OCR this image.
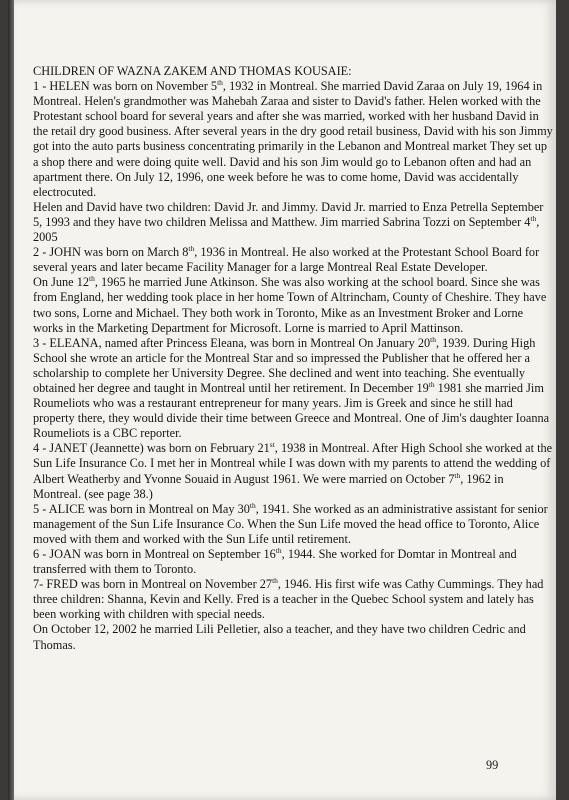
CHILDREN OF WAZNA ZAKEM AND THOMAS KOUSAIE:

1 - HELEN was born on November 5th, 1932 in Montreal. She married David Zaraa on July 19, 1964 in Montreal. Helen's grandmother was Mahebah Zaraa and sister to David's father. Helen worked with the Protestant school board for several years and after she was married, worked with her husband David in the retail dry good business. After several years in the dry good retail business, David with his son Jimmy got into the auto parts business concentrating primarily in the Lebanon and Montreal market They set up a shop there and were doing quite well. David and his son Jim would go to Lebanon often and had an apartment there. On July 12, 1996, one week before he was to come home, David was accidentally electrocuted.

Helen and David have two children: David Jr. and Jimmy. David Jr. married to Enza Petrella September 5, 1993 and they have two children Melissa and Matthew. Jim married Sabrina Tozzi on September 4th, 2005

2 - JOHN was born on March 8th, 1936 in Montreal. He also worked at the Protestant School Board for several years and later became Facility Manager for a large Montreal Real Estate Developer.

On June 12th, 1965 he married June Atkinson. She was also working at the school board. Since she was from England, her wedding took place in her home Town of Altrincham, County of Cheshire. They have two sons, Lorne and Michael. They both work in Toronto, Mike as an Investment Broker and Lorne works in the Marketing Department for Microsoft. Lorne is married to April Mattinson.

3 - ELEANA, named after Princess Eleana, was born in Montreal On January 20th, 1939. During High School she wrote an article for the Montreal Star and so impressed the Publisher that he offered her a scholarship to complete her University Degree. She declined and went into teaching. She eventually obtained her degree and taught in Montreal until her retirement. In December 19th 1981 she married Jim Roumeliots who was a restaurant entrepreneur for many years. Jim is Greek and since he still had property there, they would divide their time between Greece and Montreal. One of Jim's daughter Ioanna Roumeliots is a CBC reporter.

4 - JANET (Jeannette) was born on February 21st, 1938 in Montreal. After High School she worked at the Sun Life Insurance Co. I met her in Montreal while I was down with my parents to attend the wedding of Albert Weatherby and Yvonne Souaid in August 1961. We were married on October 7th, 1962 in Montreal. (see page 38.)

5 - ALICE was born in Montreal on May 30th, 1941. She worked as an administrative assistant for senior management of the Sun Life Insurance Co. When the Sun Life moved the head office to Toronto, Alice moved with them and worked with the Sun Life until retirement.

6 - JOAN was born in Montreal on September 16th, 1944. She worked for Domtar in Montreal and transferred with them to Toronto.

7- FRED was born in Montreal on November 27th, 1946. His first wife was Cathy Cummings. They had three children: Shanna, Kevin and Kelly. Fred is a teacher in the Quebec School system and lately has been working with children with special needs.

On October 12, 2002 he married Lili Pelletier, also a teacher, and they have two children Cedric and Thomas.

99
